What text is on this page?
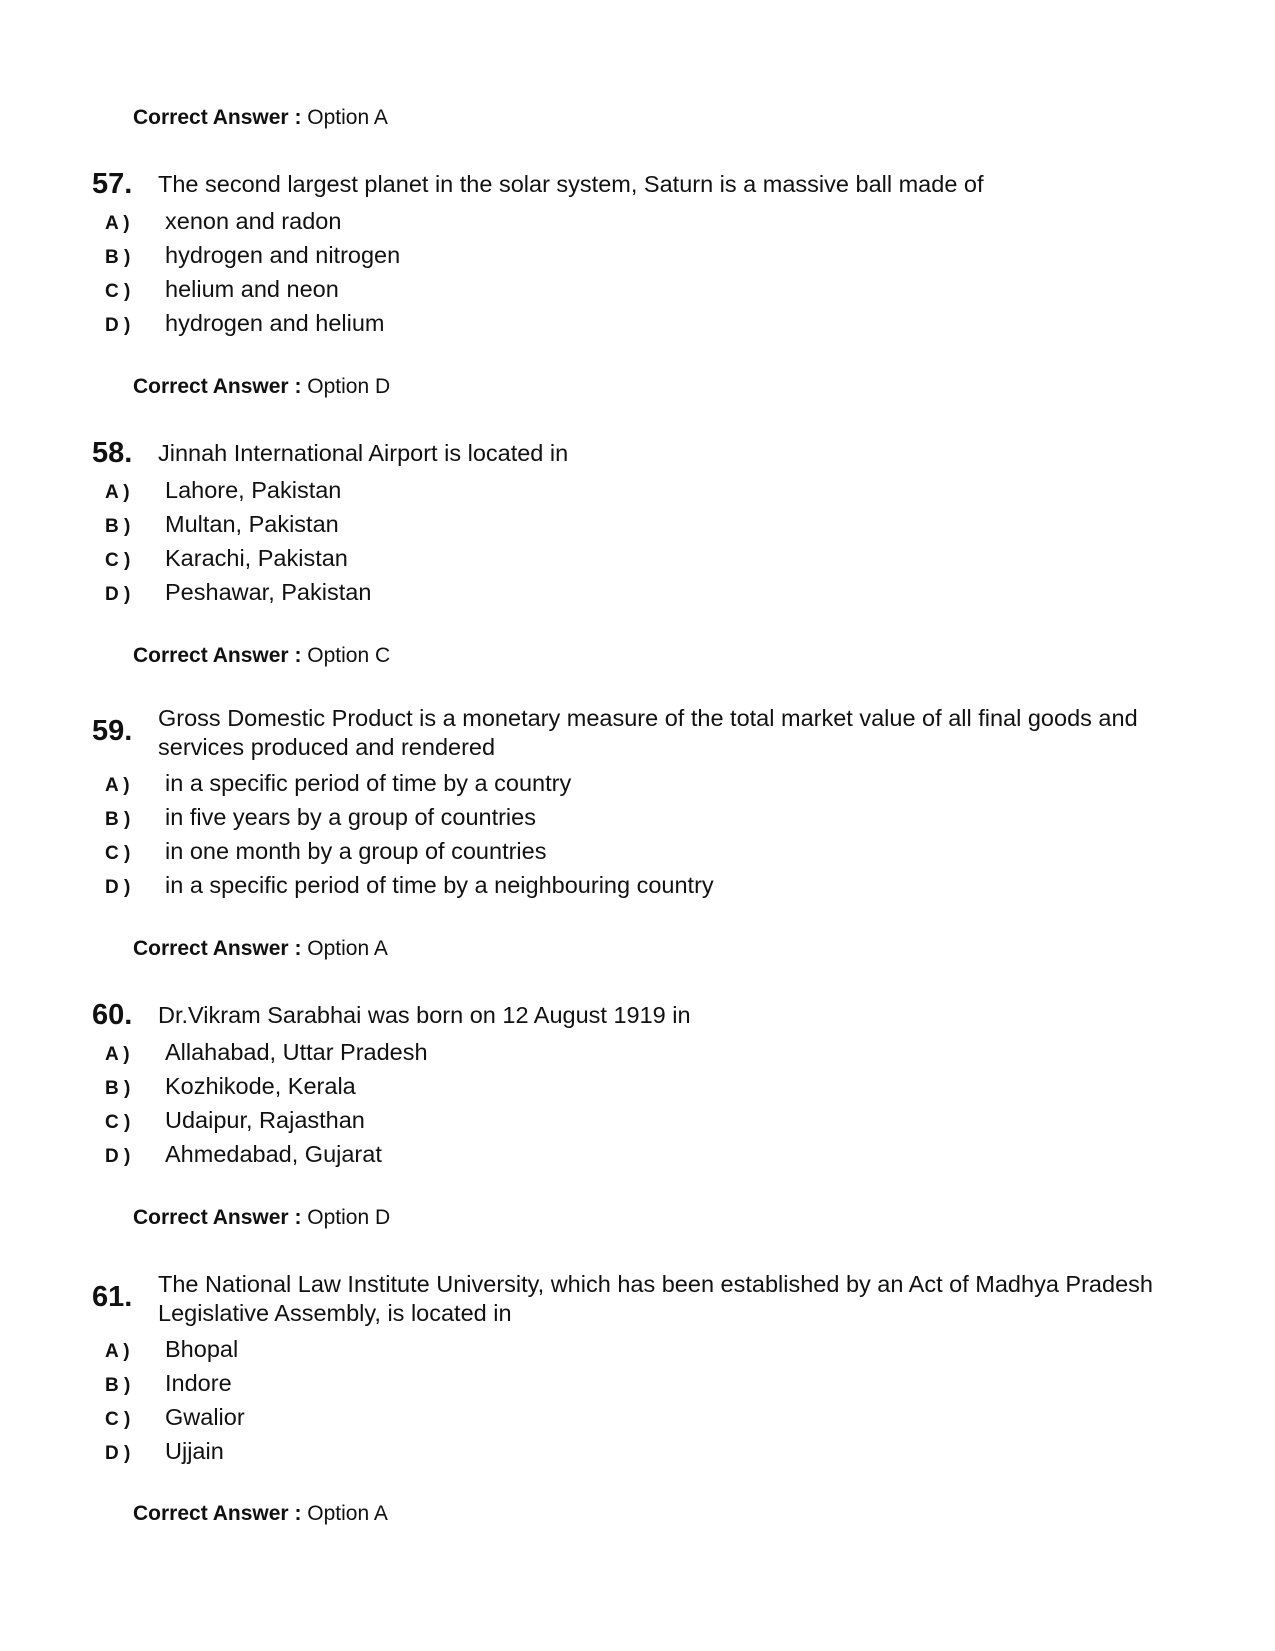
Correct Answer : Option A
57. The second largest planet in the solar system, Saturn is a massive ball made of
A ) xenon and radon
B ) hydrogen and nitrogen
C ) helium and neon
D ) hydrogen and helium
Correct Answer : Option D
58. Jinnah International Airport is located in
A ) Lahore, Pakistan
B ) Multan, Pakistan
C ) Karachi, Pakistan
D ) Peshawar, Pakistan
Correct Answer : Option C
59. Gross Domestic Product is a monetary measure of the total market value of all final goods and services produced and rendered
A ) in a specific period of time by a country
B ) in five years by a group of countries
C ) in one month by a group of countries
D ) in a specific period of time by a neighbouring country
Correct Answer : Option A
60. Dr.Vikram Sarabhai was born on 12 August 1919 in
A ) Allahabad, Uttar Pradesh
B ) Kozhikode, Kerala
C ) Udaipur, Rajasthan
D ) Ahmedabad, Gujarat
Correct Answer : Option D
61. The National Law Institute University, which has been established by an Act of Madhya Pradesh Legislative Assembly, is located in
A ) Bhopal
B ) Indore
C ) Gwalior
D ) Ujjain
Correct Answer : Option A
